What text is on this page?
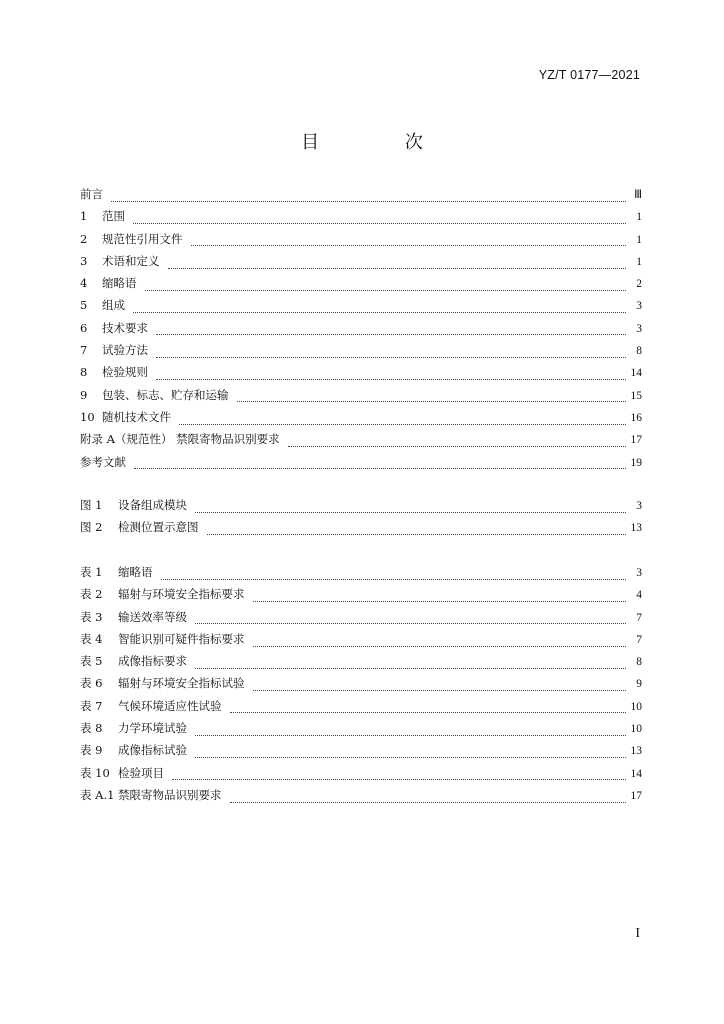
YZ/T 0177—2021
目 次
前言	Ⅲ
1	范围	1
2	规范性引用文件	1
3	术语和定义	1
4	缩略语	2
5	组成	3
6	技术要求	3
7	试验方法	8
8	检验规则	14
9	包装、标志、贮存和运输	15
10 随机技术文件	16
附录 A（规范性） 禁限寄物品识别要求	17
参考文献	19
图 1	设备组成模块	3
图 2	检测位置示意图	13
表 1	缩略语	3
表 2	辐射与环境安全指标要求	4
表 3	输送效率等级	7
表 4	智能识别可疑件指标要求	7
表 5	成像指标要求	8
表 6	辐射与环境安全指标试验	9
表 7	气候环境适应性试验	10
表 8	力学环境试验	10
表 9	成像指标试验	13
表 10 检验项目	14
表 A.1 禁限寄物品识别要求	17
I
